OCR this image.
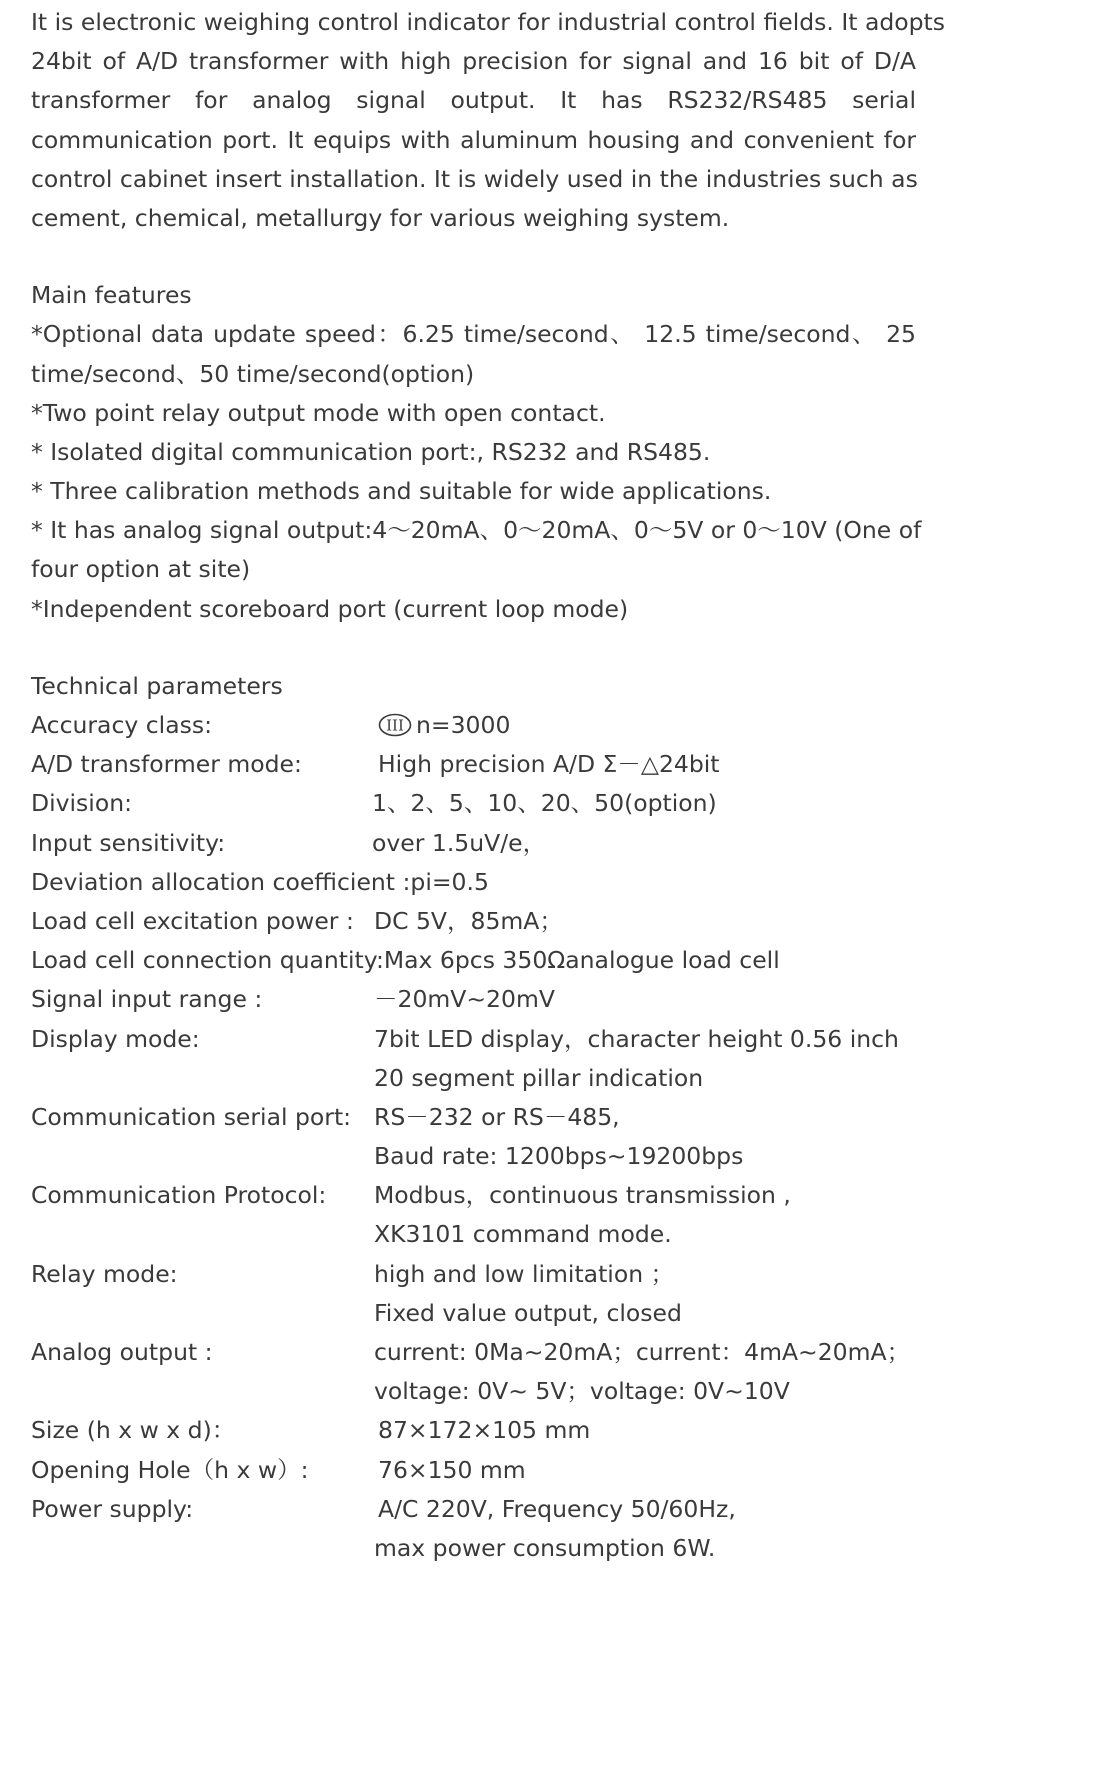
It is electronic weighing control indicator for industrial control fields. It adopts
24bit of A/D transformer with high precision for signal and 16 bit of D/A
transformer for analog signal output. It has RS232/RS485 serial
communication port. It equips with aluminum housing and convenient for
control cabinet insert installation. It is widely used in the industries such as
cement, chemical, metallurgy for various weighing system.
Main features
*Optional data update speed：6.25 time/second、 12.5 time/second、 25
time/second、50 time/second(option)
*Two point relay output mode with open contact.
* Isolated digital communication port:, RS232 and RS485.
* Three calibration methods and suitable for wide applications.
* It has analog signal output:4～20mA、0～20mA、0～5V or 0～10V (One of
four option at site)
*Independent scoreboard port (current loop mode)
Technical parameters
Accuracy class:	III n=3000
A/D transformer mode:	High precision A/D Σ－△24bit
Division:	1、2、5、10、20、50(option)
Input sensitivity:	over 1.5uV/e，
Deviation allocation coefficient :pi=0.5
Load cell excitation power : DC 5V，85mA；
Load cell connection quantity:Max 6pcs 350Ωanalogue load cell
Signal input range :	－20mV~20mV
Display mode:	7bit LED display，character height 0.56 inch
20 segment pillar indication
Communication serial port: RS－232 or RS－485,
Baud rate: 1200bps~19200bps
Communication Protocol: Modbus，continuous transmission ,
XK3101 command mode.
Relay mode:	high and low limitation ；
Fixed value output, closed
Analog output :	current: 0Ma~20mA；current：4mA~20mA；
voltage: 0V~ 5V；voltage: 0V~10V
Size (h x w x d)：	87×172×105 mm
Opening Hole（h x w）:	76×150 mm
Power supply:	A/C 220V, Frequency 50/60Hz,
max power consumption 6W.
